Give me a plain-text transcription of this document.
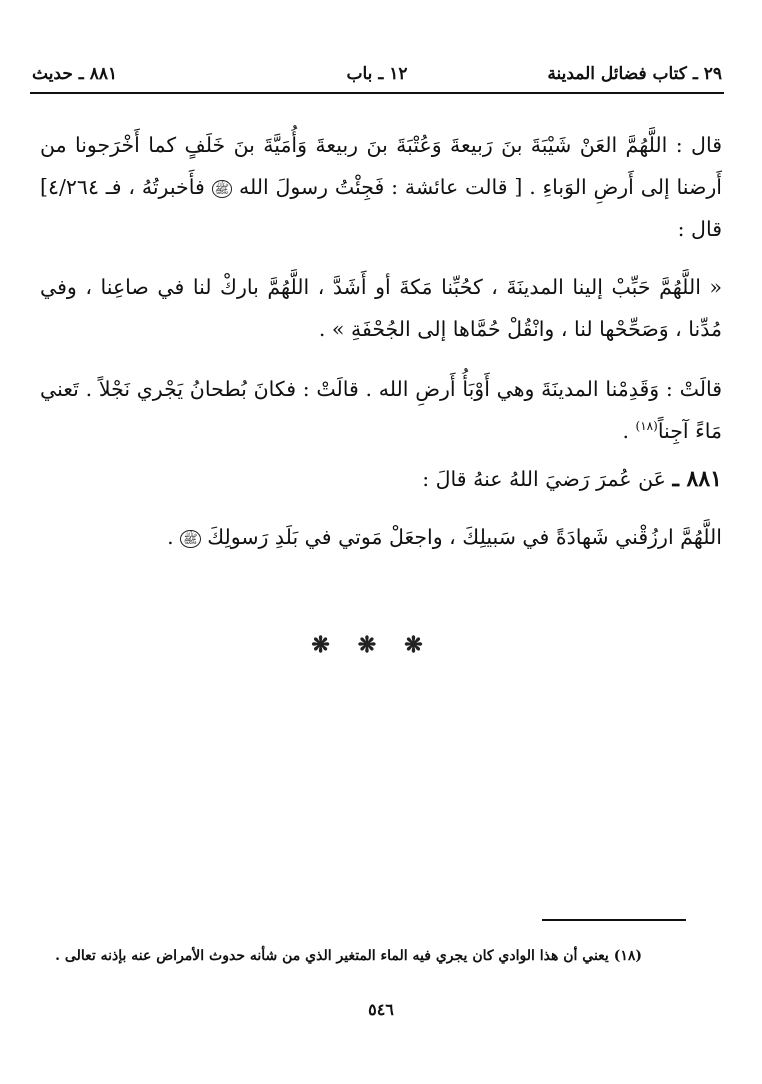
٢٩ ـ كتاب فضائل المدينة
١٢ ـ باب
٨٨١ ـ حديث
قال : اللَّهُمَّ العَنْ شَيْبَةَ بنَ رَبيعةَ وَعُتْبَةَ بنَ ربيعةَ وَأُمَيَّةَ بنَ خَلَفٍ كما أَخْرَجونا من أَرضنا إلى أَرضِ الوَباءِ . [ قالت عائشة : فَجِئْتُ رسولَ الله ﷺ فأَخبرتُهُ ، فـ ٤/٢٦٤] قال :
« اللَّهُمَّ حَبِّبْ إلينا المدينَةَ ، كحُبِّنا مَكةَ أو أَشَدَّ ، اللَّهُمَّ باركْ لنا في صاعِنا ، وفي مُدِّنا ، وَصَحِّحْها لنا ، وانْقُلْ حُمَّاها إلى الجُحْفَةِ » .
قالَتْ : وَقَدِمْنا المدينَةَ وهي أَوْبَأُ أَرضِ الله . قالَتْ : فكانَ بُطحانُ يَجْري نَجْلاً . تَعني مَاءً آجِناً$^{(١٨)}$ .
٨٨١ ـ عَن عُمرَ رَضيَ اللهُ عنهُ قالَ :
اللَّهُمَّ ارزُقْني شَهادَةً في سَبيلِكَ ، واجعَلْ مَوتي في بَلَدِ رَسولِكَ ﷺ .
❋❋❋
(١٨) يعني أن هذا الوادي كان يجري فيه الماء المتغير الذي من شأنه حدوث الأمراض عنه بإذنه تعالى .
٥٤٦
